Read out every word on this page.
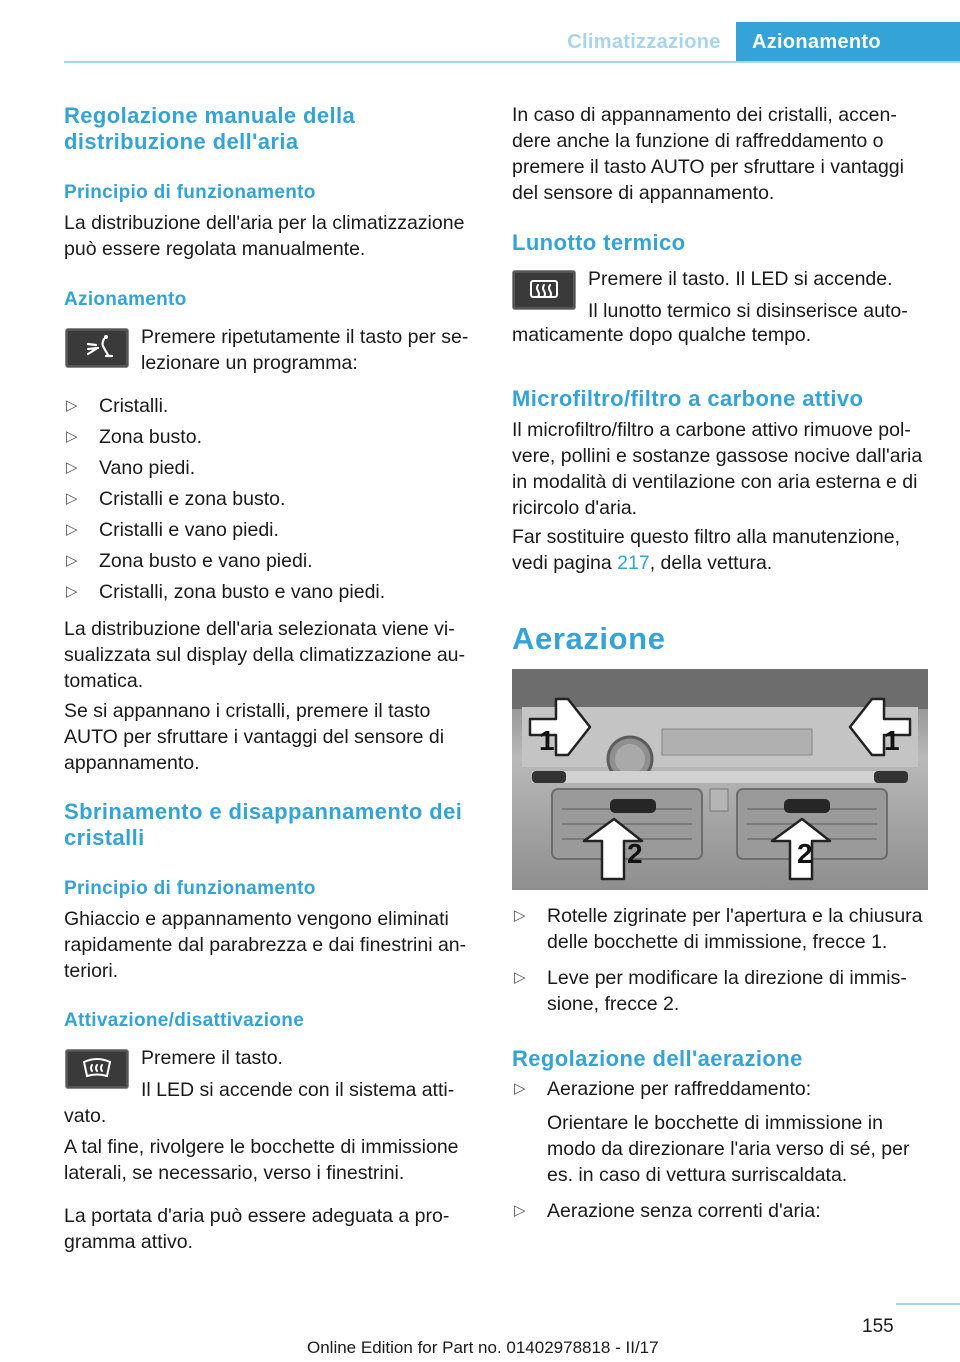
Climatizzazione	Azionamento
Regolazione manuale della distribuzione dell'aria
Principio di funzionamento

La distribuzione dell'aria per la climatizzazione può essere regolata manualmente.

Azionamento

Premere ripetutamente il tasto per se-

lezionare un programma:

▷ Cristalli.
▷ Zona busto.
▷ Vano piedi.
▷ Cristalli e zona busto.
▷ Cristalli e vano piedi.
▷ Zona busto e vano piedi.
▷ Cristalli, zona busto e vano piedi.

La distribuzione dell'aria selezionata viene visualizzata sul display della climatizzazione automatica.

Se si appannano i cristalli, premere il tasto AUTO per sfruttare i vantaggi del sensore di appannamento.

Sbrinamento e disappannamento dei cristalli
Principio di funzionamento

Ghiaccio e appannamento vengono eliminati rapidamente dal parabrezza e dai finestrini anteriori.

Attivazione/disattivazione

Premere il tasto.

Il LED si accende con il sistema atti-

vato.

A tal fine, rivolgere le bocchette di immissione laterali, se necessario, verso i finestrini.

La portata d'aria può essere adeguata a programma attivo.

In caso di appannamento dei cristalli, accendere anche la funzione di raffreddamento o premere il tasto AUTO per sfruttare i vantaggi del sensore di appannamento.

Lunotto termico

Premere il tasto. Il LED si accende.

Il lunotto termico si disinserisce auto-

maticamente dopo qualche tempo.

Microfiltro/filtro a carbone attivo

Il microfiltro/filtro a carbone attivo rimuove polvere, pollini e sostanze gassose nocive dall'aria in modalità di ventilazione con aria esterna e di ricircolo d'aria.

Far sostituire questo filtro alla manutenzione, vedi pagina 217, della vettura.

Aerazione
1	1
2	2
▷ Rotelle zigrinate per l'apertura e la chiusura delle bocchette di immissione, frecce 1.
▷ Leve per modificare la direzione di immissione, frecce 2.
Regolazione dell'aerazione
▷ Aerazione per raffreddamento:
Orientare le bocchette di immissione in modo da direzionare l'aria verso di sé, per es. in caso di vettura surriscaldata.
▷ Aerazione senza correnti d'aria:
155
Online Edition for Part no. 01402978818 - II/17
